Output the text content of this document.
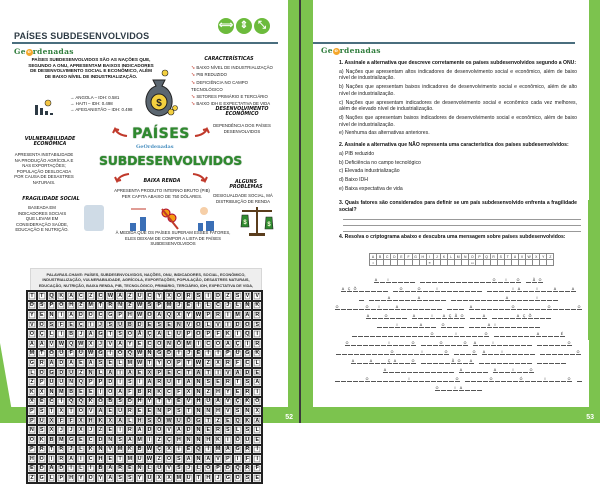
PAÍSES SUBDESENVOLVIDOS
⟺ ⇕ ⤡
Ge o rdenadas
PAÍSES SUBDESENVOLVIDOS SÃO AS NAÇÕES QUE, SEGUNDO A ONU, APRESENTAM BAIXOS INDICADORES DE DESENVOLVIMENTO SOCIAL E ECONÔMICO, ALÉM DE BAIXO NÍVEL DE INDUSTRIALIZAÇÃO.
→ ANGOLA – IDH: 0.581
→ HAITI – IDH: 0.498
→ AFEGANISTÃO – IDH: 0.498
$
CARACTERÍSTICAS
➘ BAIXO NÍVEL DE INDUSTRIALIZAÇÃO
➘ PIB REDUZIDO
➘ DEFICIÊNCIA NO CAMPO TECNOLÓGICO
➘ SETORES PRIMÁRIO E TERCIÁRIO
➘ BAIXO IDH E EXPECTATIVA DE VIDA
DESENVOLVIMENTO ECONÔMICO
DEPENDÊNCIA DOS PAÍSES DESENVOLVIDOS
PAÍSES
GeOrdenadas
SUBDESENVOLVIDOS
VULNERABILIDADE ECONÔMICA
APRESENTA INSTABILIDADE NA PRODUÇÃO AGRÍCOLA E NAS EXPORTAÇÕES; POPULAÇÃO DESLOCADA POR CAUSA DE DESASTRES NATURAIS.	BAIXA RENDA
APRESENTA PRODUTO INTERNO BRUTO (PIB) PER CAPITA ABAIXO DE 750 DÓLARES.
ALGUNS PROBLEMAS
DESIGUALDADE SOCIAL, MÁ DISTRIBUIÇÃO DE RENDA
FRAGILIDADE SOCIAL
BASEADA EM INDICADORES SOCIAIS QUE LEVAM EM CONSIDERAÇÃO SAÚDE, EDUCAÇÃO E NUTRIÇÃO.
$	$
À MEDIDA QUE OS PAÍSES SUPERAM ESSES FATORES, ELES DEIXAM DE COMPOR A LISTA DE PAÍSES SUBDESENVOLVIDOS
PALAVRAS-CHAVE: PAÍSES, SUBDESENVOLVIDOS, NAÇÕES, ONU, INDICADORES, SOCIAL, ECONÔMICO, INDUSTRIALIZAÇÃO, VULNERABILIDADE, AGRÍCOLA, EXPORTAÇÕES, POPULAÇÃO, DESASTRES NATURAIS, EDUCAÇÃO, NUTRIÇÃO, BAIXA RENDA, PIB, TECNOLÓGICO, PRIMÁRIO, TERCIÁRIO, IDH, EXPECTATIVA DE VIDA,
T	T	Q	K	A	C	Z	C	W	A	Z	U	C	Y	X	O	R	S	I	D	Z	S	V	V
D	S	P	O	H	Z	M	T	R	N	Z	W	S	P	M	J	E	I	L	C	J	L	N	K
Y	E	N	I	A	D	O	C	G	P	H	W	O	A	Q	X	Y	W	P	R	I	M	A	R
V	O	S	F	E	Ç	I	J	S	U	B	D	E	S	E	N	V	O	L	V	I	D	O	S
O	Ç	L	I	B	J	A	G	T	S	O	Â	Ç	A	L	U	P	O	P	F	K	I	Q	I
A	A	V	W	Q	W	X	J	V	A	Y	E	C	O	N	Ô	M	I	C	O	A	Ç	I	R
M	T	O	U	F	U	W	G	I	O	Q	W	N	G	D	I	J	E	I	I	P	U	G	K
G	R	A	D	A	E	A	S	E	L	M W	T	Y	O	P	T	W	Z	X	R	F	C	L
L	O	G	D	U	Z	N	L	A	I	A	E	X	P	E	C	T	A	T	I	V	A	D	E
Z	P	U	U	N	Q	P	P	D	I	S	I	A	R	U	T	A	N	S	E	R	T	S	A
K	X	N	M	B	E	E	I	O	A	F	B	R	K	C	F	X	N	Z	H	Y	E	R	I
X	E	C	I	Q	Q	K	Õ	B	S	D	H	Y	T	Y	E	V	H	U	A	V	Ç	K	Õ
P	S	T	X	T	O	V	A	E	U	R	E	E	N	P	S	T	N	N	H	V	S	N	X
P	U	X	F	F	X	H	K	X	A	L	H	S	Õ	W	U	Õ	G	T	Z	E	Q	K	A
N	S	X	J	J	X	J	Z	E	I	R	A	D	O	V	A	D	N	E	R	S	L	S	L
O	K	B	M	G	E	C	D	N	S	A	M	I	Z	Ç	H	N	N	H	K	I	Õ	U	E
P	R	T	R	J	L	K	N	V	M	K	B	W	Ç	X	I	E	Q	I	M	A	G	R	I
H	O	I	R	A	I	C	H	E	T	M	U	W	Z	O	S	A	N	A	V	P	I	F	I
E	D	A	D	I	L	I	B	A	R	E	N	L	U	V	S	J	L	O	P	D	Q	R	F
Z	G	L	P	H	Y	O	Y	A	S	S	Y	U	X	X	M	U	T	H	J	G	O	S	E
52
Ge o rdenadas
1. Assinale a alternativa que descreve corretamente os países subdesenvolvidos segundo a ONU:
a) Nações que apresentam altos indicadores de desenvolvimento social e econômico, além de baixo nível de industrialização.
b) Nações que apresentam baixos indicadores de desenvolvimento social e econômico, além de alto nível de industrialização.
c) Nações que apresentam indicadores de desenvolvimento social e econômico cada vez melhores, além de elevado nível de industrialização.
d) Nações que apresentam baixos indicadores de desenvolvimento social e econômico, além de baixo nível de industrialização.
e) Nenhuma das alternativas anteriores.
2. Assinale a alternativa que NÃO representa uma característica dos países subdesenvolvidos:
a) PIB reduzido
b) Deficiência no campo tecnológico
c) Elevada industrialização
d) Baixo IDH
e) Baixa expectativa de vida
3. Quais fatores são considerados para definir se um país subdesenvolvido enfrenta a fragilidade social?
4. Resolva o criptograma abaixo e descubra uma mensagem sobre países subdesenvolvidos:
A	B	C	D	E	F	G	H	I	J	K	L	M	N	O	P	Q	R	S	T	U	V	W	X	Y	Z
•								≡						▭											
A	I	O	I	O	Ã O
A Ç Õ	O	O	I	I A	I	A	A
A	A	A	I
O	O	I	A	A	O	O	O
A	O	A	I	A Ç Ã O	A	A Ç Õ
I	A	O	A I
O	I	O	A	É
O	I	O	O	O A	I	O
O	I	O	O A	I	O
A	A	Ç A	O	Ã O	A
A	A	A	I	O
O	I	O	O	Ó	I	O
O	I A
53
